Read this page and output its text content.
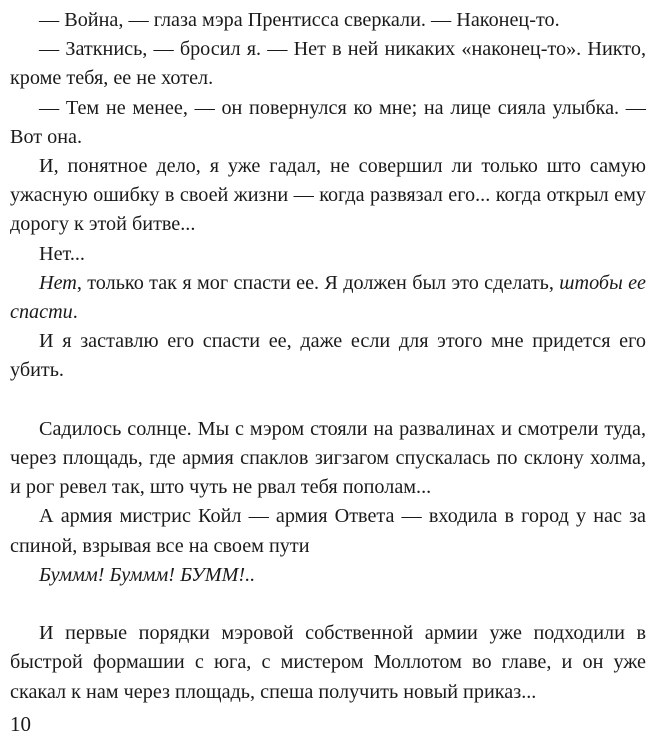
— Война, — глаза мэра Прентисса сверкали. — Наконец-то.

— Заткнись, — бросил я. — Нет в ней никаких «наконец-то». Никто, кроме тебя, ее не хотел.

— Тем не менее, — он повернулся ко мне; на лице сияла улыбка. — Вот она.

И, понятное дело, я уже гадал, не совершил ли только што самую ужасную ошибку в своей жизни — когда развязал его... когда открыл ему дорогу к этой битве...

Нет...

Нет, только так я мог спасти ее. Я должен был это сделать, штобы ее спасти.

И я заставлю его спасти ее, даже если для этого мне придется его убить.

Садилось солнце. Мы с мэром стояли на развалинах и смотрели туда, через площадь, где армия спаклов зигзагом спускалась по склону холма, и рог ревел так, што чуть не рвал тебя пополам...

А армия мистрис Койл — армия Ответа — входила в город у нас за спиной, взрывая все на своем пути

Буммм! Буммм! БУММ!..

И первые порядки мэровой собственной армии уже подходили в быстрой формашии с юга, с мистером Моллотом во главе, и он уже скакал к нам через площадь, спеша получить новый приказ...

10
